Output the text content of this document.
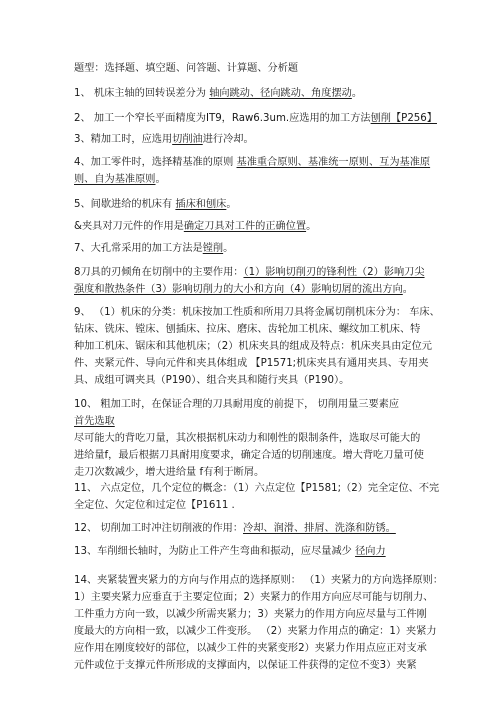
题型：选择题、填空题、问答题、计算题、分析题

1、 机床主轴的回转误差分为 轴向跳动、径向跳动、角度摆动。

2、 加工一个窄长平面精度为IT9，Raw6.3um.应选用的加工方法刨削【P256】

3、精加工时，应选用切削油进行冷却。

4、加工零件时，选择精基准的原则 基准重合原则、基准统一原则、互为基准原
则、自为基准原则。

5、间歇进给的机床有 插床和刨床。

&夹具对刀元件的作用是确定刀具对工件的正确位置。

7、大孔常采用的加工方法是镗削。

8刀具的刃倾角在切削中的主要作用：（1）影响切削刃的锋利性（2）影响刀尖
强度和散热条件（3）影响切削力的大小和方向（4）影响切屑的流出方向。

9、 （1）机床的分类：机床按加工性质和所用刀具将金属切削机床分为： 车床、
钻床、铣床、镗床、刨插床、拉床、磨床、齿轮加工机床、螺纹加工机床、特
种加工机床、锯床和其他机床；（2）机床夹具的组成及特点：机床夹具由定位元
件、夹紧元件、导向元件和夹具体组成 【P1571;机床夹具有通用夹具、专用夹
具、成组可调夹具（P190）、组合夹具和随行夹具（P190）。

10、 粗加工时，在保证合理的刀具耐用度的前提下， 切削用量三要素应
首先选取
尽可能大的背吃刀量，其次根据机床动力和刚性的限制条件，选取尽可能大的
进给量f，最后根据刀具耐用度要求，确定合适的切削速度。增大背吃刀量可使
走刀次数减少，增大进给量 f有利于断屑。

11、 六点定位，几个定位的概念：（1）六点定位【P1581;（2）完全定位、不完
全定位、欠定位和过定位【P1611 .

12、 切削加工时冲注切削液的作用：冷却、润滑、排屑、洗涤和防锈。

13、车削细长轴时，为防止工件产生弯曲和振动，应尽量减少 径向力

14、夹紧装置夹紧力的方向与作用点的选择原则： （1）夹紧力的方向选择原则：
1）主要夹紧力应垂直于主要定位面；2）夹紧力的作用方向应尽可能与切削力、
工件重力方向一致，以减少所需夹紧力；3）夹紧力的作用方向应尽量与工件刚
度最大的方向相一致，以减少工件变形。 （2）夹紧力作用点的确定：1）夹紧力
应作用在刚度较好的部位，以减少工件的夹紧变形2）夹紧力作用点应正对支承
元件或位于支撑元件所形成的支撑面内，以保证工件获得的定位不变3）夹紧
